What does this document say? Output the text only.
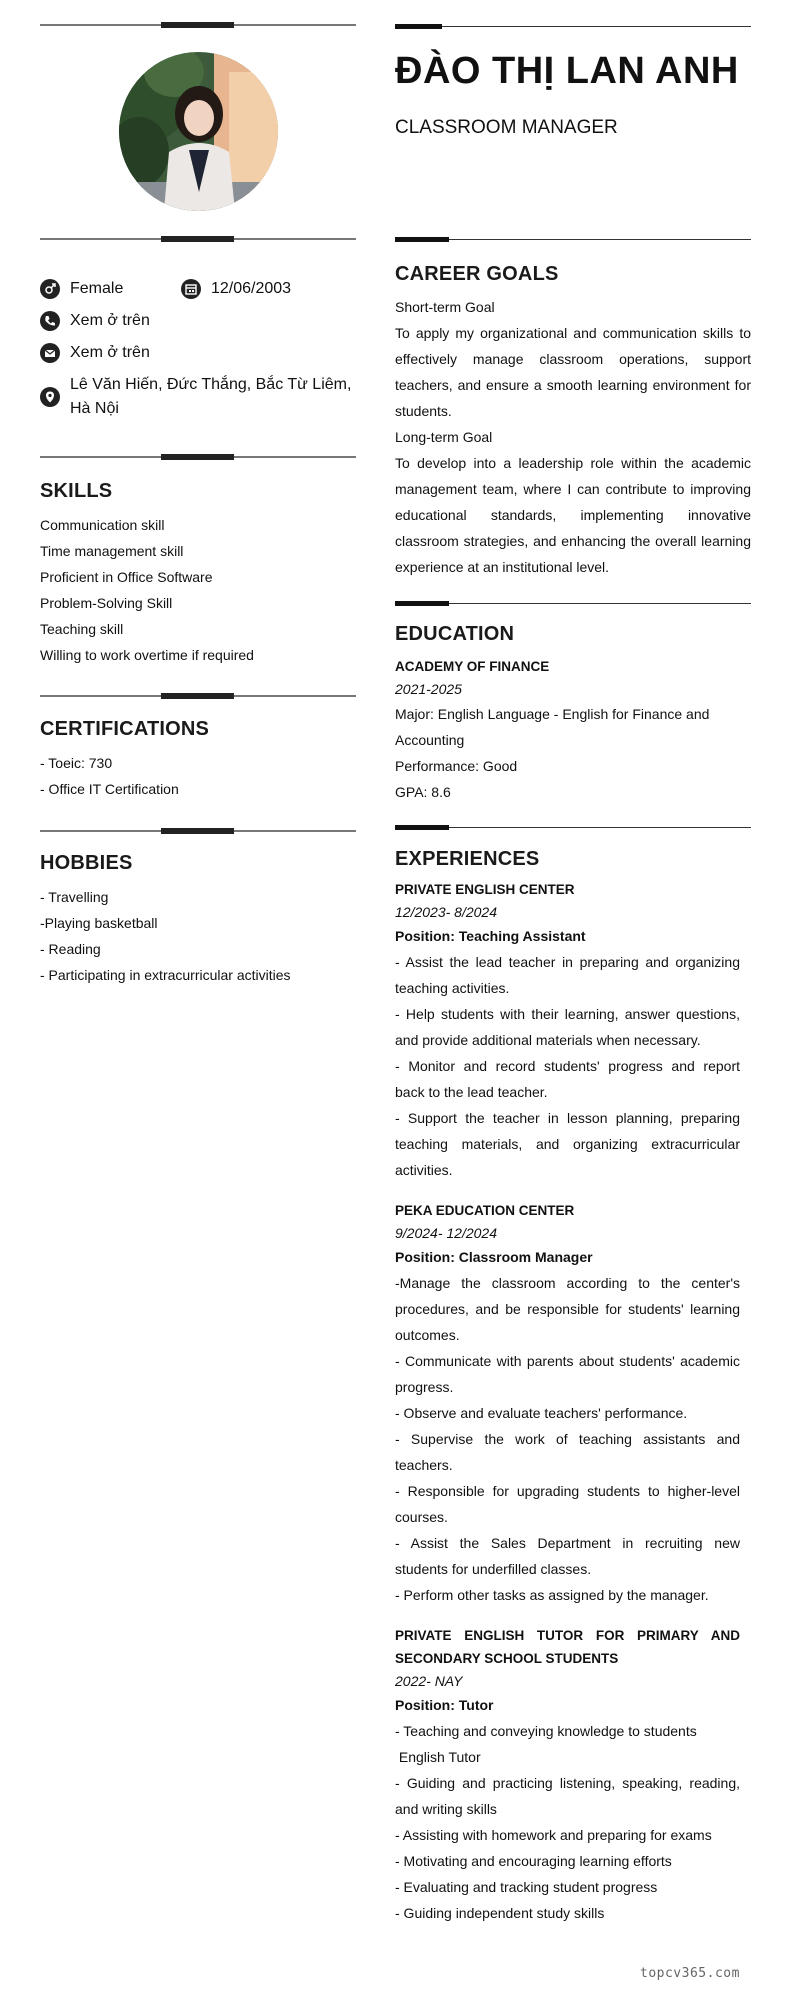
Female	12/06/2003
Xem ở trên
Xem ở trên
Lê Văn Hiến, Đức Thắng, Bắc Từ Liêm, Hà Nội
SKILLS
Communication skill
Time management skill
Proficient in Office Software
Problem-Solving Skill
Teaching skill
Willing to work overtime if required
CERTIFICATIONS
- Toeic: 730
- Office IT Certification
HOBBIES
- Travelling
-Playing basketball
- Reading
- Participating in extracurricular activities
ĐÀO THỊ LAN ANH
CLASSROOM MANAGER
CAREER GOALS
Short-term Goal
To apply my organizational and communication skills to effectively manage classroom operations, support teachers, and ensure a smooth learning environment for students.
Long-term Goal
To develop into a leadership role within the academic management team, where I can contribute to improving educational standards, implementing innovative classroom strategies, and enhancing the overall learning experience at an institutional level.
EDUCATION
ACADEMY OF FINANCE
2021-2025
Major: English Language - English for Finance and Accounting
Performance: Good
GPA: 8.6
EXPERIENCES
PRIVATE ENGLISH CENTER
12/2023- 8/2024
Position: Teaching Assistant
- Assist the lead teacher in preparing and organizing teaching activities.
- Help students with their learning, answer questions, and provide additional materials when necessary.
- Monitor and record students' progress and report back to the lead teacher.
- Support the teacher in lesson planning, preparing teaching materials, and organizing extracurricular activities.
PEKA EDUCATION CENTER
9/2024- 12/2024
Position: Classroom Manager
-Manage the classroom according to the center's procedures, and be responsible for students' learning outcomes.
- Communicate with parents about students' academic progress.
- Observe and evaluate teachers' performance.
- Supervise the work of teaching assistants and teachers.
- Responsible for upgrading students to higher-level courses.
- Assist the Sales Department in recruiting new students for underfilled classes.
- Perform other tasks as assigned by the manager.
PRIVATE ENGLISH TUTOR FOR PRIMARY AND SECONDARY SCHOOL STUDENTS
2022- NAY
Position: Tutor
- Teaching and conveying knowledge to students
English Tutor
- Guiding and practicing listening, speaking, reading, and writing skills
- Assisting with homework and preparing for exams
- Motivating and encouraging learning efforts
- Evaluating and tracking student progress
- Guiding independent study skills
topcv365.com
